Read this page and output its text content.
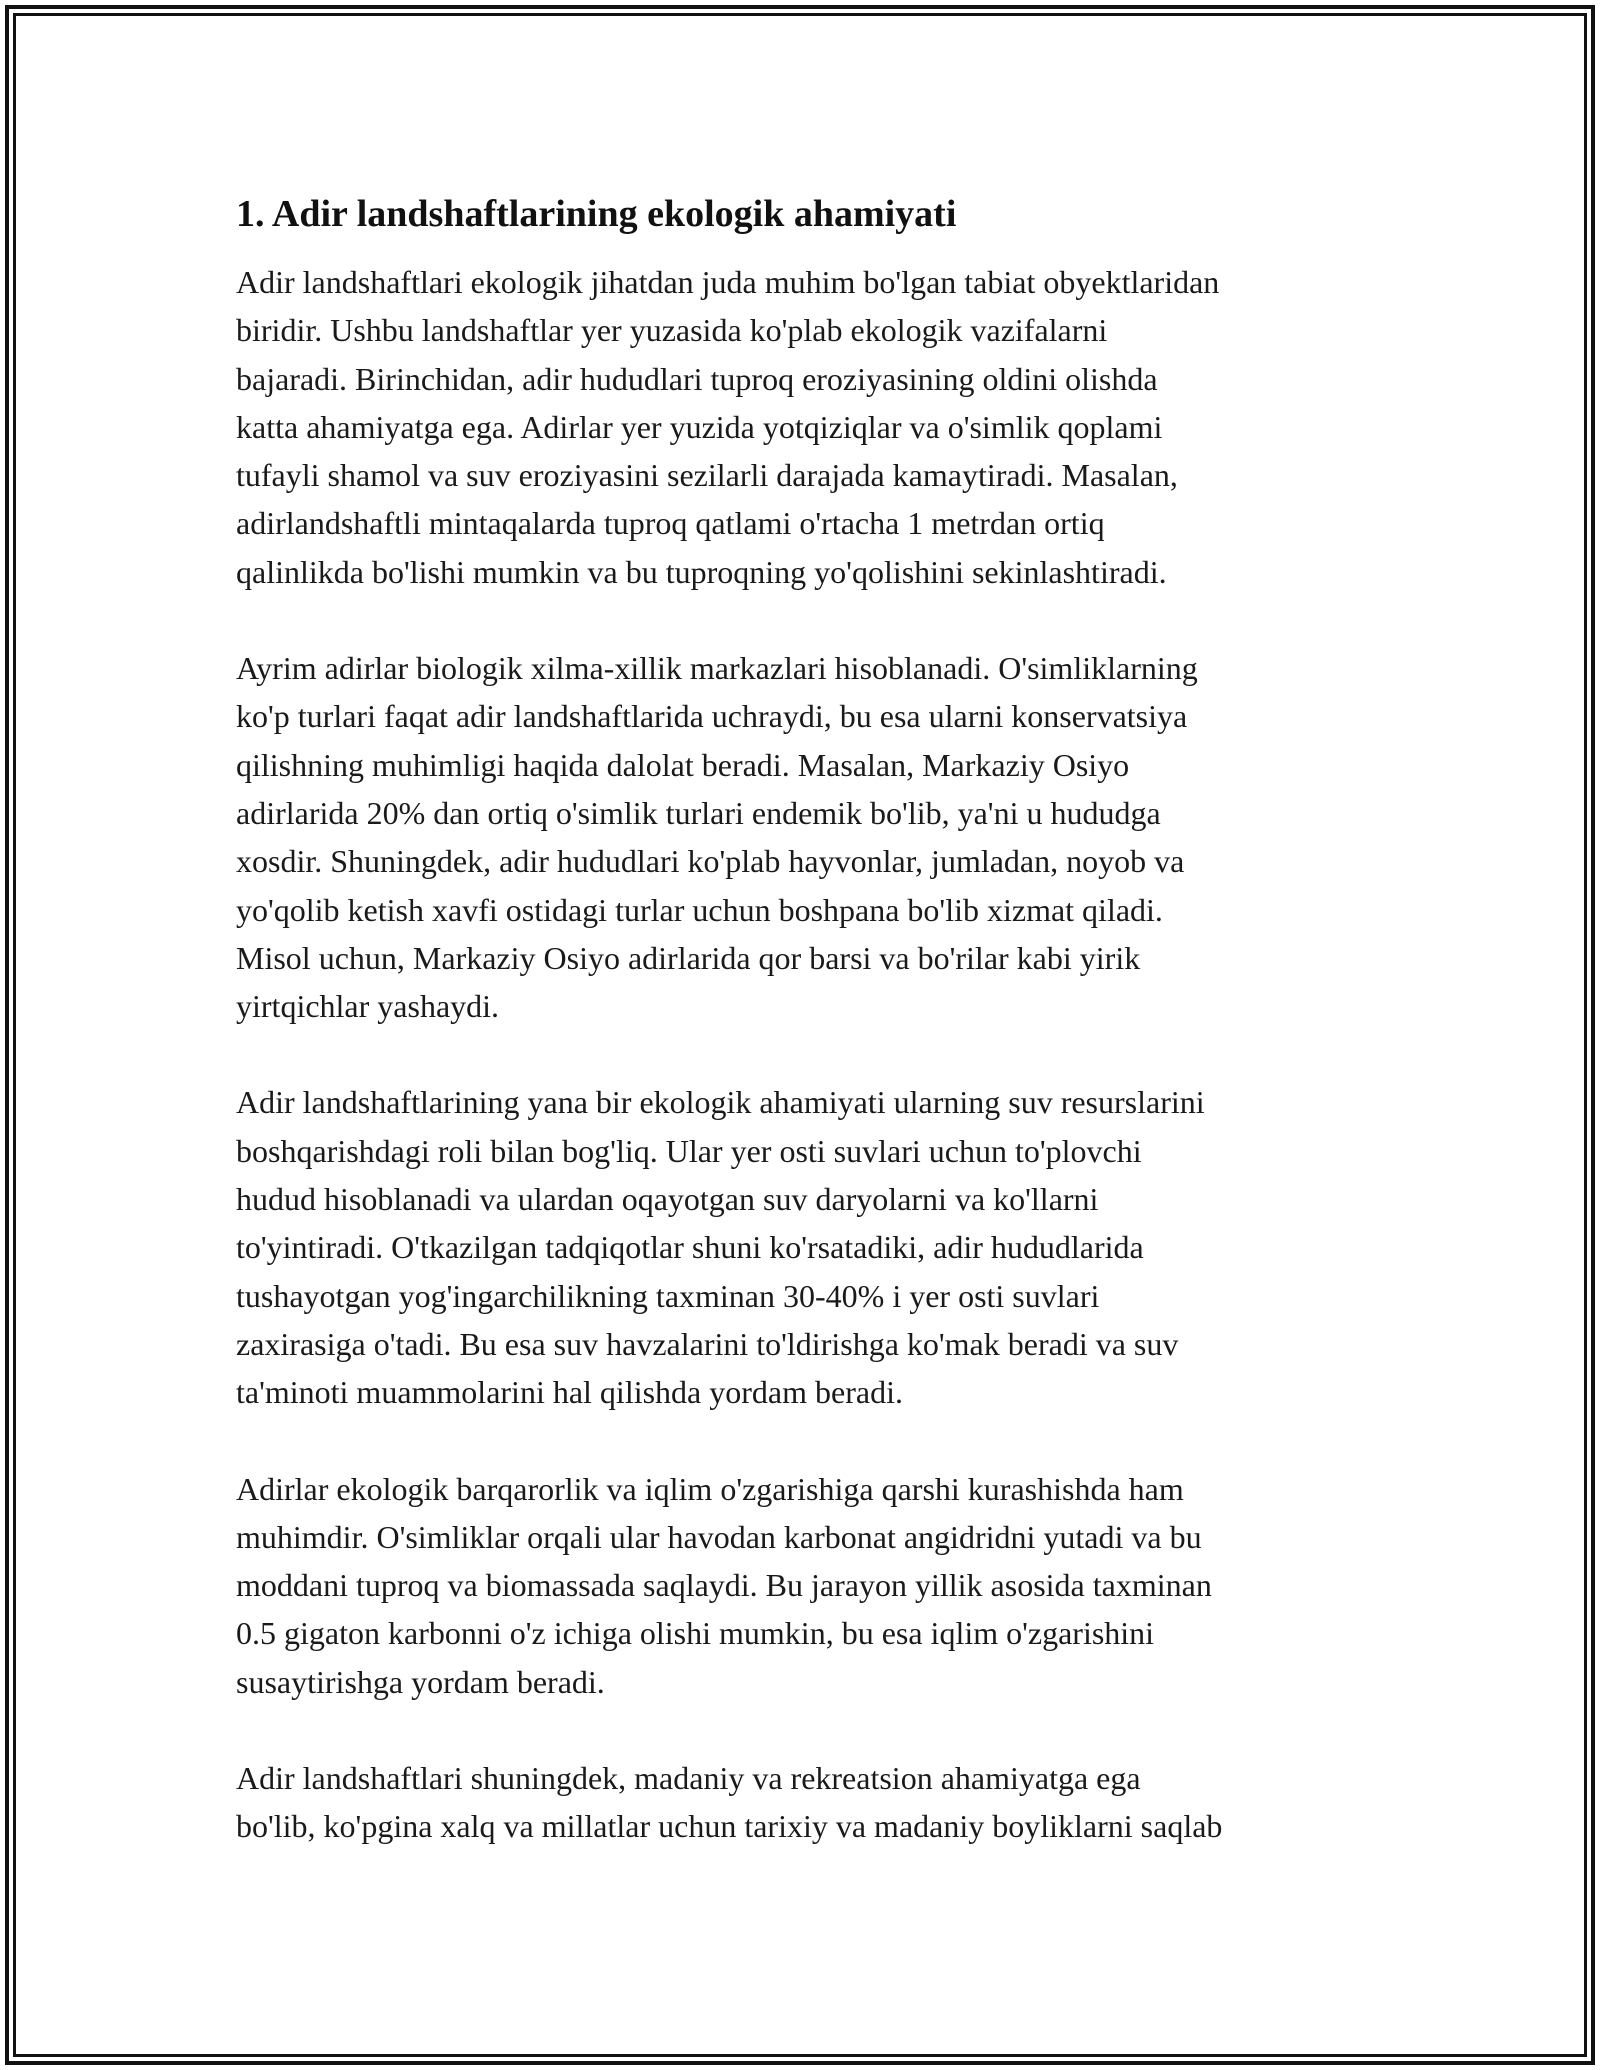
1. Adir landshaftlarining ekologik ahamiyati

Adir landshaftlari ekologik jihatdan juda muhim bo'lgan tabiat obyektlaridan
biridir. Ushbu landshaftlar yer yuzasida ko'plab ekologik vazifalarni
bajaradi. Birinchidan, adir hududlari tuproq eroziyasining oldini olishda
katta ahamiyatga ega. Adirlar yer yuzida yotqiziqlar va o'simlik qoplami
tufayli shamol va suv eroziyasini sezilarli darajada kamaytiradi. Masalan,
adirlandshaftli mintaqalarda tuproq qatlami o'rtacha 1 metrdan ortiq
qalinlikda bo'lishi mumkin va bu tuproqning yo'qolishini sekinlashtiradi.

Ayrim adirlar biologik xilma-xillik markazlari hisoblanadi. O'simliklarning
ko'p turlari faqat adir landshaftlarida uchraydi, bu esa ularni konservatsiya
qilishning muhimligi haqida dalolat beradi. Masalan, Markaziy Osiyo
adirlarida 20% dan ortiq o'simlik turlari endemik bo'lib, ya'ni u hududga
xosdir. Shuningdek, adir hududlari ko'plab hayvonlar, jumladan, noyob va
yo'qolib ketish xavfi ostidagi turlar uchun boshpana bo'lib xizmat qiladi.
Misol uchun, Markaziy Osiyo adirlarida qor barsi va bo'rilar kabi yirik
yirtqichlar yashaydi.

Adir landshaftlarining yana bir ekologik ahamiyati ularning suv resurslarini
boshqarishdagi roli bilan bog'liq. Ular yer osti suvlari uchun to'plovchi
hudud hisoblanadi va ulardan oqayotgan suv daryolarni va ko'llarni
to'yintiradi. O'tkazilgan tadqiqotlar shuni ko'rsatadiki, adir hududlarida
tushayotgan yog'ingarchilikning taxminan 30-40% i yer osti suvlari
zaxirasiga o'tadi. Bu esa suv havzalarini to'ldirishga ko'mak beradi va suv
ta'minoti muammolarini hal qilishda yordam beradi.

Adirlar ekologik barqarorlik va iqlim o'zgarishiga qarshi kurashishda ham
muhimdir. O'simliklar orqali ular havodan karbonat angidridni yutadi va bu
moddani tuproq va biomassada saqlaydi. Bu jarayon yillik asosida taxminan
0.5 gigaton karbonni o'z ichiga olishi mumkin, bu esa iqlim o'zgarishini
susaytirishga yordam beradi.

Adir landshaftlari shuningdek, madaniy va rekreatsion ahamiyatga ega
bo'lib, ko'pgina xalq va millatlar uchun tarixiy va madaniy boyliklarni saqlab
